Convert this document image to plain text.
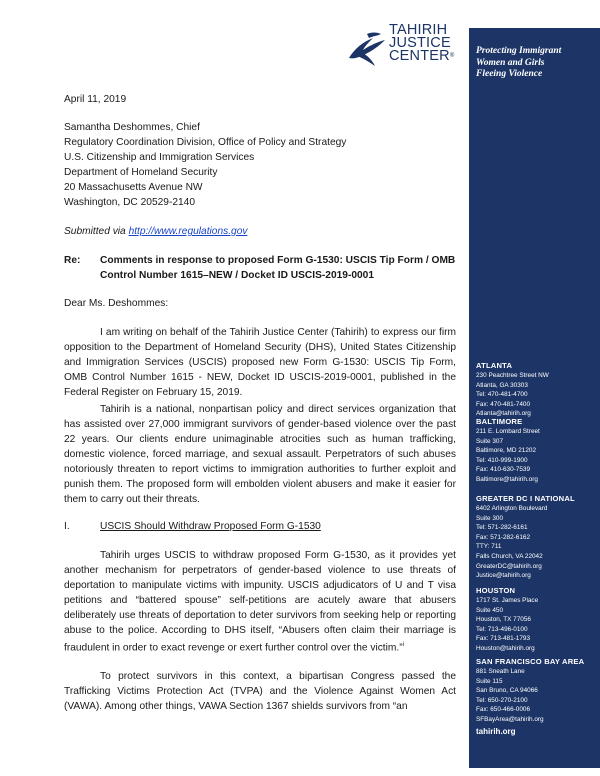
TAHIRIH
JUSTICE
CENTER®	Protecting Immigrant
Women and Girls
Fleeing Violence
ATLANTA
230 Peachtree Street NW
Atlanta, GA 30303
Tel: 470-481-4700
Fax: 470-481-7400
Atlanta@tahirih.org
BALTIMORE
211 E. Lombard Street
Suite 307
Baltimore, MD 21202
Tel: 410-999-1900
Fax: 410-630-7539
Baltimore@tahirih.org
GREATER DC I NATIONAL
6402 Arlington Boulevard
Suite 300
Tel: 571-282-6161
Fax: 571-282-6162
TTY: 711
Falls Church, VA 22042
GreaterDC@tahirih.org
Justice@tahirih.org
HOUSTON
1717 St. James Place
Suite 450
Houston, TX 77056
Tel: 713-496-0100
Fax: 713-481-1793
Houston@tahirih.org
SAN FRANCISCO BAY AREA
881 Sneath Lane
Suite 115
San Bruno, CA 94066
Tel: 650-270-2100
Fax: 650-466-0006
SFBayArea@tahirih.org
tahirih.org
April 11, 2019
Samantha Deshommes, Chief
Regulatory Coordination Division, Office of Policy and Strategy
U.S. Citizenship and Immigration Services
Department of Homeland Security
20 Massachusetts Avenue NW
Washington, DC 20529-2140
Submitted via http://www.regulations.gov
Re: Comments in response to proposed Form G-1530: USCIS Tip Form / OMB Control Number 1615–NEW / Docket ID USCIS-2019-0001
Dear Ms. Deshommes:
I am writing on behalf of the Tahirih Justice Center (Tahirih) to express our firm opposition to the Department of Homeland Security (DHS), United States Citizenship and Immigration Services (USCIS) proposed new Form G-1530: USCIS Tip Form, OMB Control Number 1615 - NEW, Docket ID USCIS-2019-0001, published in the Federal Register on February 15, 2019.
Tahirih is a national, nonpartisan policy and direct services organization that has assisted over 27,000 immigrant survivors of gender-based violence over the past 22 years. Our clients endure unimaginable atrocities such as human trafficking, domestic violence, forced marriage, and sexual assault. Perpetrators of such abuses notoriously threaten to report victims to immigration authorities to further exploit and punish them. The proposed form will embolden violent abusers and make it easier for them to carry out their threats.
I.	USCIS Should Withdraw Proposed Form G-1530
Tahirih urges USCIS to withdraw proposed Form G-1530, as it provides yet another mechanism for perpetrators of gender-based violence to use threats of deportation to manipulate victims with impunity. USCIS adjudicators of U and T visa petitions and “battered spouse” self-petitions are acutely aware that abusers deliberately use threats of deportation to deter survivors from seeking help or reporting abuse to the police. According to DHS itself, “Abusers often claim their marriage is fraudulent in order to exact revenge or exert further control over the victim.”$^i$
To protect survivors in this context, a bipartisan Congress passed the Trafficking Victims Protection Act (TVPA) and the Violence Against Women Act (VAWA). Among other things, VAWA Section 1367 shields survivors from “an
